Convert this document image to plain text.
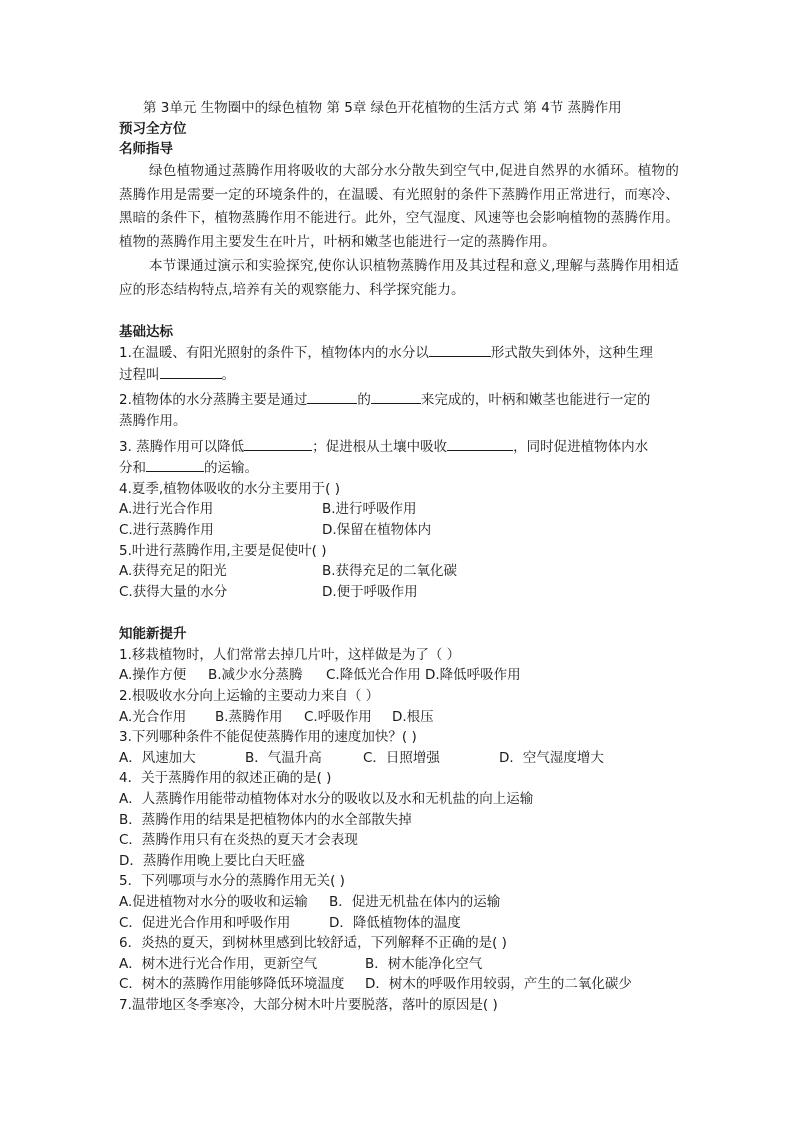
第 3单元 生物圈中的绿色植物 第 5章 绿色开花植物的生活方式 第 4节 蒸腾作用
预习全方位
名师指导
绿色植物通过蒸腾作用将吸收的大部分水分散失到空气中,促进自然界的水循环。植物的蒸腾作用是需要一定的环境条件的，在温暖、有光照射的条件下蒸腾作用正常进行，而寒冷、黑暗的条件下，植物蒸腾作用不能进行。此外，空气湿度、风速等也会影响植物的蒸腾作用。植物的蒸腾作用主要发生在叶片，叶柄和嫩茎也能进行一定的蒸腾作用。
本节课通过演示和实验探究,使你认识植物蒸腾作用及其过程和意义,理解与蒸腾作用相适应的形态结构特点,培养有关的观察能力、科学探究能力。
基础达标
1.在温暖、有阳光照射的条件下，植物体内的水分以	形式散失到体外，这种生理
过程叫	。
2.植物体的水分蒸腾主要是通过	的	来完成的，叶柄和嫩茎也能进行一定的
蒸腾作用。
3. 蒸腾作用可以降低	；促进根从土壤中吸收	，同时促进植物体内水
分和	的运输。
4.夏季,植物体吸收的水分主要用于( )
A.进行光合作用	B.进行呼吸作用
C.进行蒸腾作用	D.保留在植物体内
5.叶进行蒸腾作用,主要是促使叶( )
A.获得充足的阳光	B.获得充足的二氧化碳
C.获得大量的水分	D.便于呼吸作用
知能新提升
1.移栽植物时，人们常常去掉几片叶，这样做是为了（ ）
A.操作方便 B.减少水分蒸腾 C.降低光合作用 D.降低呼吸作用
2.根吸收水分向上运输的主要动力来自（ ）
A.光合作用 B.蒸腾作用 C.呼吸作用 D.根压
3.下列哪种条件不能促使蒸腾作用的速度加快？( )
A．风速加大	B．气温升高	C．日照增强	D．空气湿度增大
4．关于蒸腾作用的叙述正确的是( )
A．人蒸腾作用能带动植物体对水分的吸收以及水和无机盐的向上运输
B．蒸腾作用的结果是把植物体内的水全部散失掉
C．蒸腾作用只有在炎热的夏天才会表现
D．蒸腾作用晚上要比白天旺盛
5．下列哪项与水分的蒸腾作用无关( )
A.促进植物对水分的吸收和运输 B．促进无机盐在体内的运输
C．促进光合作用和呼吸作用	D．降低植物体的温度
6．炎热的夏天，到树林里感到比较舒适，下列解释不正确的是( )
A．树木进行光合作用，更新空气	B．树木能净化空气
C．树木的蒸腾作用能够降低环境温度 D．树木的呼吸作用较弱，产生的二氧化碳少
7.温带地区冬季寒冷，大部分树木叶片要脱落，落叶的原因是( )
